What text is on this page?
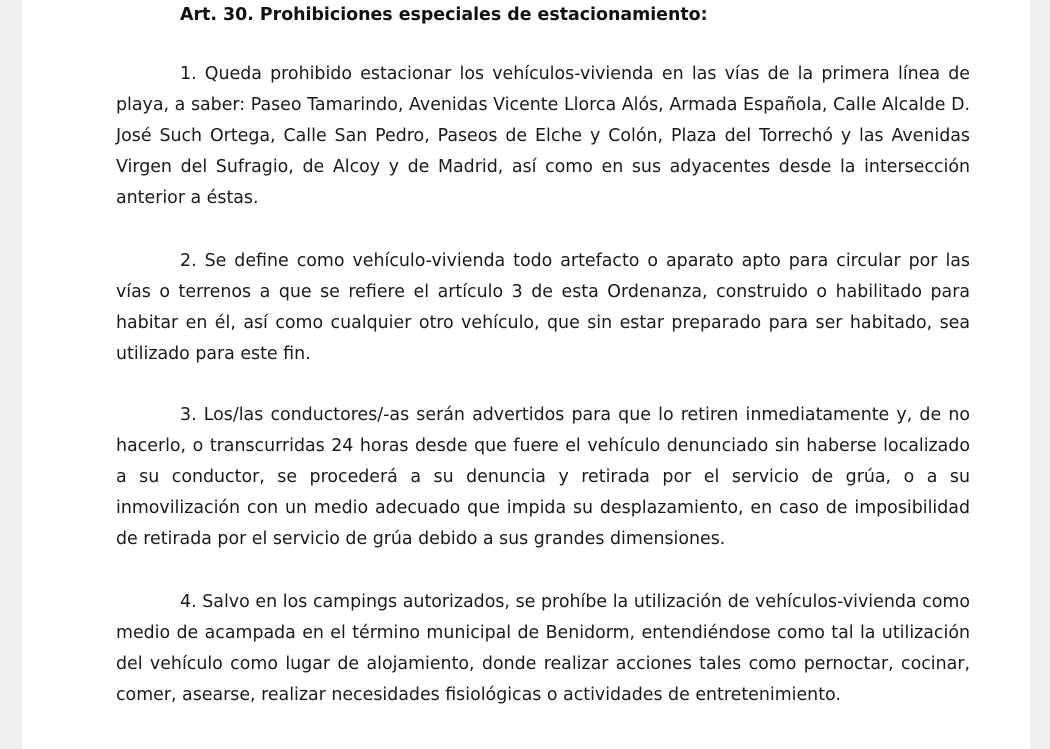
Art. 30. Prohibiciones especiales de estacionamiento:

1. Queda prohibido estacionar los vehículos-vivienda en las vías de la primera línea de playa, a saber: Paseo Tamarindo, Avenidas Vicente Llorca Alós, Armada Española, Calle Alcalde D. José Such Ortega, Calle San Pedro, Paseos de Elche y Colón, Plaza del Torrechó y las Avenidas Virgen del Sufragio, de Alcoy y de Madrid, así como en sus adyacentes desde la intersección anterior a éstas.

2. Se define como vehículo-vivienda todo artefacto o aparato apto para circular por las vías o terrenos a que se refiere el artículo 3 de esta Ordenanza, construido o habilitado para habitar en él, así como cualquier otro vehículo, que sin estar preparado para ser habitado, sea utilizado para este fin.

3. Los/las conductores/-as serán advertidos para que lo retiren inmediatamente y, de no hacerlo, o transcurridas 24 horas desde que fuere el vehículo denunciado sin haberse localizado a su conductor, se procederá a su denuncia y retirada por el servicio de grúa, o a su inmovilización con un medio adecuado que impida su desplazamiento, en caso de imposibilidad de retirada por el servicio de grúa debido a sus grandes dimensiones.

4. Salvo en los campings autorizados, se prohíbe la utilización de vehículos-vivienda como medio de acampada en el término municipal de Benidorm, entendiéndose como tal la utilización del vehículo como lugar de alojamiento, donde realizar acciones tales como pernoctar, cocinar, comer, asearse, realizar necesidades fisiológicas o actividades de entretenimiento.
